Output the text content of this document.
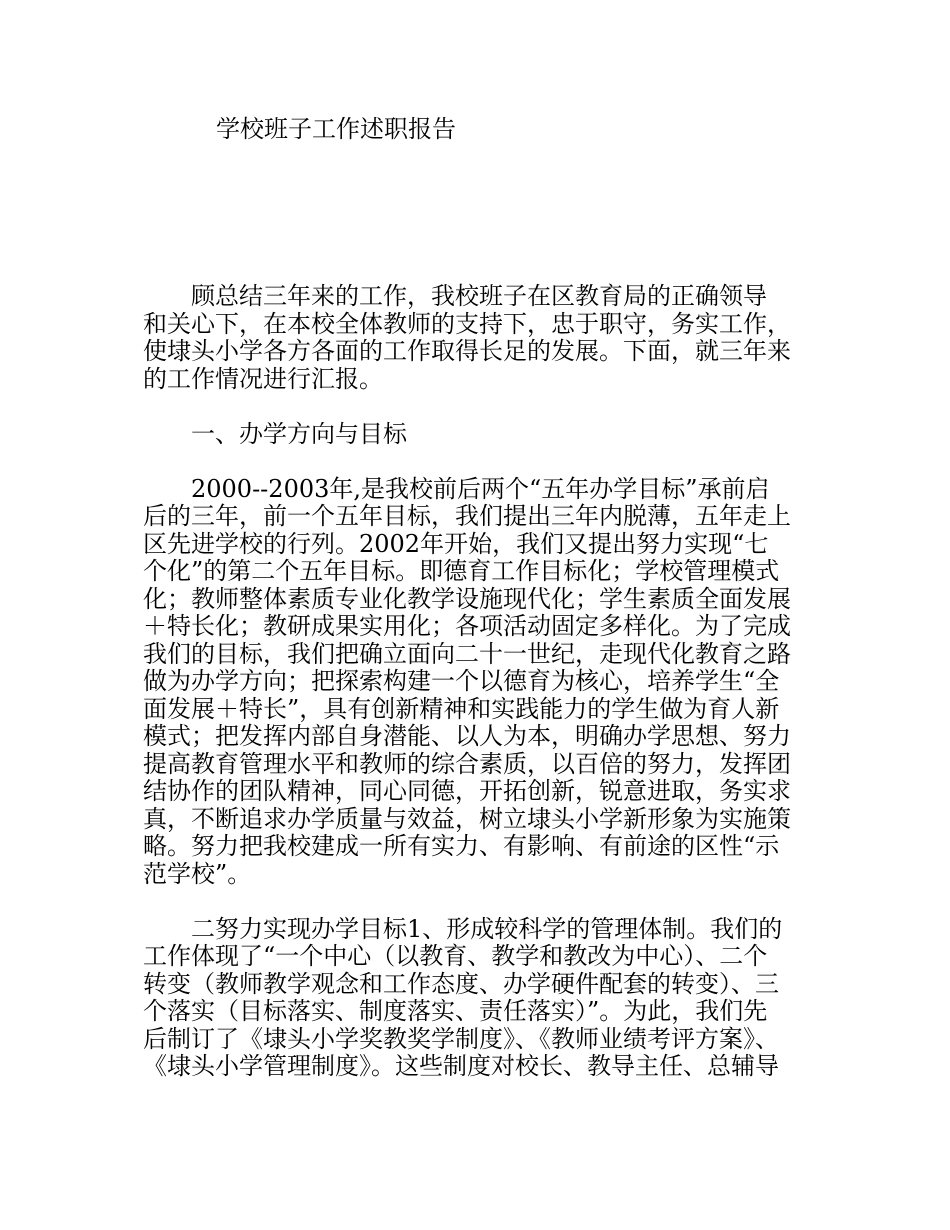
学校班子工作述职报告

　　顾总结三年来的工作，我校班子在区教育局的正确领导
和关心下，在本校全体教师的支持下，忠于职守，务实工作，
使埭头小学各方各面的工作取得长足的发展。下面，就三年来
的工作情况进行汇报。

　　一、办学方向与目标

　　2000--2003年,是我校前后两个“五年办学目标”承前启
后的三年，前一个五年目标，我们提出三年内脱薄，五年走上
区先进学校的行列。2002年开始，我们又提出努力实现“七
个化”的第二个五年目标。即德育工作目标化；学校管理模式
化；教师整体素质专业化教学设施现代化；学生素质全面发展
＋特长化；教研成果实用化；各项活动固定多样化。为了完成
我们的目标，我们把确立面向二十一世纪，走现代化教育之路
做为办学方向；把探索构建一个以德育为核心，培养学生“全
面发展＋特长”，具有创新精神和实践能力的学生做为育人新
模式；把发挥内部自身潜能、以人为本，明确办学思想、努力
提高教育管理水平和教师的综合素质，以百倍的努力，发挥团
结协作的团队精神，同心同德，开拓创新，锐意进取，务实求
真，不断追求办学质量与效益，树立埭头小学新形象为实施策
略。努力把我校建成一所有实力、有影响、有前途的区性“示
范学校”。

　　二努力实现办学目标1、形成较科学的管理体制。我们的
工作体现了“一个中心（以教育、教学和教改为中心）、二个
转变（教师教学观念和工作态度、办学硬件配套的转变）、三
个落实（目标落实、制度落实、责任落实）”。为此，我们先
后制订了《埭头小学奖教奖学制度》、《教师业绩考评方案》、
《埭头小学管理制度》。这些制度对校长、教导主任、总辅导
